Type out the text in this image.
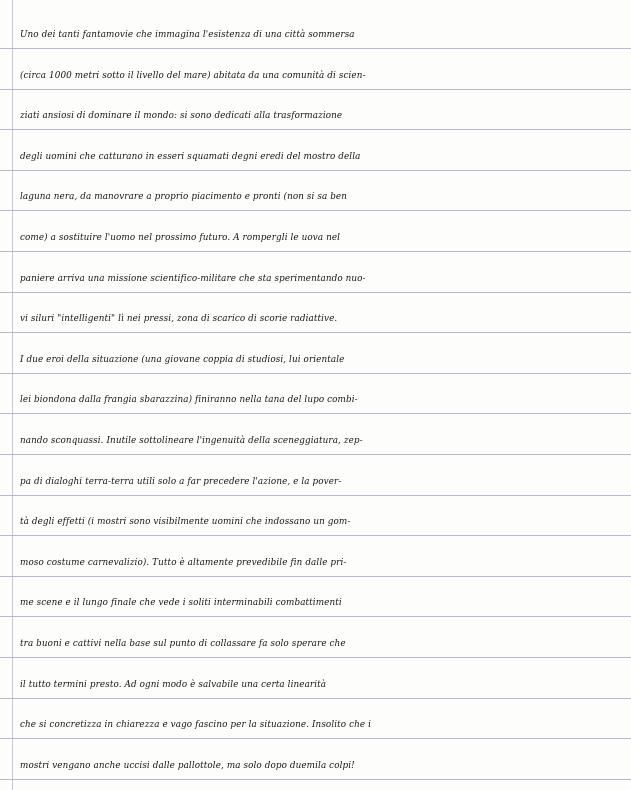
Uno dei tanti fantamovie che immagina l'esistenza di una città sommersa
(circa 1000 metri sotto il livello del mare) abitata da una comunità di scien-
ziati ansiosi di dominare il mondo: si sono dedicati alla trasformazione
degli uomini che catturano in esseri squamati degni eredi del mostro della
laguna nera, da manovrare a proprio piacimento e pronti (non si sa ben
come) a sostituire l'uomo nel prossimo futuro. A rompergli le uova nel
paniere arriva una missione scientifico-militare che sta sperimentando nuo-
vi siluri "intelligenti" lì nei pressi, zona di scarico di scorie radiattive.
I due eroi della situazione (una giovane coppia di studiosi, lui orientale
lei biondona dalla frangia sbarazzina) finiranno nella tana del lupo combi-
nando sconquassi. Inutile sottolineare l'ingenuità della sceneggiatura, zep-
pa di dialoghi terra-terra utili solo a far precedere l'azione, e la pover-
tà degli effetti (i mostri sono visibilmente uomini che indossano un gom-
moso costume carnevalizio). Tutto è altamente prevedibile fin dalle pri-
me scene e il lungo finale che vede i soliti interminabili combattimenti
tra buoni e cattivi nella base sul punto di collassare fa solo sperare che
il tutto termini presto. Ad ogni modo è salvabile una certa linearità
che si concretizza in chiarezza e vago fascino per la situazione. Insolito che i
mostri vengano anche uccisi dalle pallottole, ma solo dopo duemila colpi!
